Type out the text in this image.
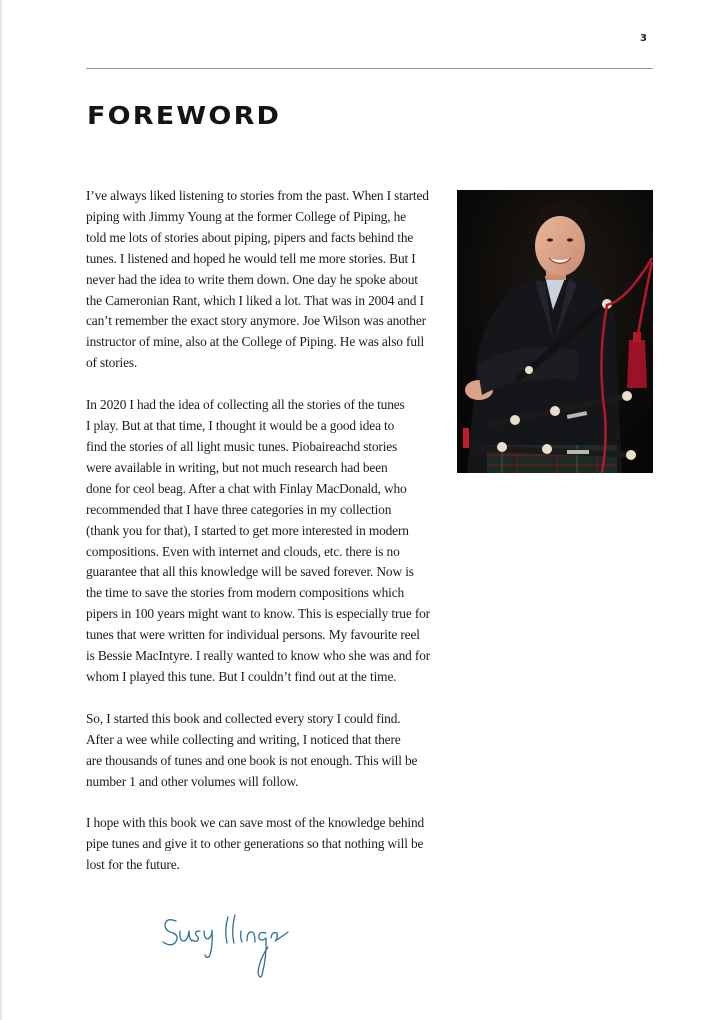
3
FOREWORD

I’ve always liked listening to stories from the past. When I started
piping with Jimmy Young at the former College of Piping, he
told me lots of stories about piping, pipers and facts behind the
tunes. I listened and hoped he would tell me more stories. But I
never had the idea to write them down. One day he spoke about
the Cameronian Rant, which I liked a lot. That was in 2004 and I
can’t remember the exact story anymore. Joe Wilson was another
instructor of mine, also at the College of Piping. He was also full
of stories.

In 2020 I had the idea of collecting all the stories of the tunes
I play. But at that time, I thought it would be a good idea to
find the stories of all light music tunes. Piobaireachd stories
were available in writing, but not much research had been
done for ceol beag. After a chat with Finlay MacDonald, who
recommended that I have three categories in my collection
(thank you for that), I started to get more interested in modern
compositions. Even with internet and clouds, etc. there is no
guarantee that all this knowledge will be saved forever. Now is
the time to save the stories from modern compositions which
pipers in 100 years might want to know. This is especially true for
tunes that were written for individual persons. My favourite reel
is Bessie MacIntyre. I really wanted to know who she was and for
whom I played this tune. But I couldn’t find out at the time.

So, I started this book and collected every story I could find.
After a wee while collecting and writing, I noticed that there
are thousands of tunes and one book is not enough. This will be
number 1 and other volumes will follow.

I hope with this book we can save most of the knowledge behind
pipe tunes and give it to other generations so that nothing will be
lost for the future.
